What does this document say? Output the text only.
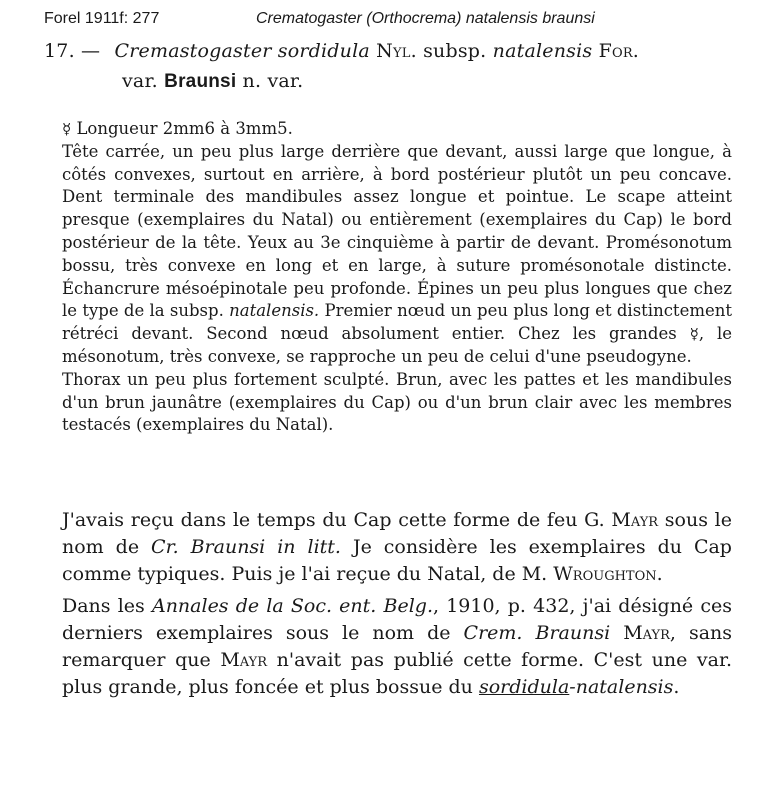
Forel 1911f: 277	Crematogaster (Orthocrema) natalensis braunsi
17. — Cremastogaster sordidula Nyl. subsp. natalensis For.
var. Braunsi n. var.

☿ Longueur 2mm6 à 3mm5.

Tête carrée, un peu plus large derrière que devant, aussi large que longue, à côtés convexes, surtout en arrière, à bord postérieur plutôt un peu concave. Dent terminale des mandibules assez longue et pointue. Le scape atteint presque (exemplaires du Natal) ou entièrement (exemplaires du Cap) le bord postérieur de la tête. Yeux au 3e cinquième à partir de devant. Promésonotum bossu, très convexe en long et en large, à suture promésonotale distincte. Échancrure mésoépinotale peu profonde. Épines un peu plus longues que chez le type de la subsp. natalensis. Premier nœud un peu plus long et distinctement rétréci devant. Second nœud absolument entier. Chez les grandes ☿, le mésonotum, très convexe, se rapproche un peu de celui d'une pseudogyne.

Thorax un peu plus fortement sculpté. Brun, avec les pattes et les mandibules d'un brun jaunâtre (exemplaires du Cap) ou d'un brun clair avec les membres testacés (exemplaires du Natal).

J'avais reçu dans le temps du Cap cette forme de feu G. Mayr sous le nom de Cr. Braunsi in litt. Je considère les exemplaires du Cap comme typiques. Puis je l'ai reçue du Natal, de M. Wroughton.

Dans les Annales de la Soc. ent. Belg., 1910, p. 432, j'ai désigné ces derniers exemplaires sous le nom de Crem. Braunsi Mayr, sans remarquer que Mayr n'avait pas publié cette forme. C'est une var. plus grande, plus foncée et plus bossue du sordidula-natalensis.
